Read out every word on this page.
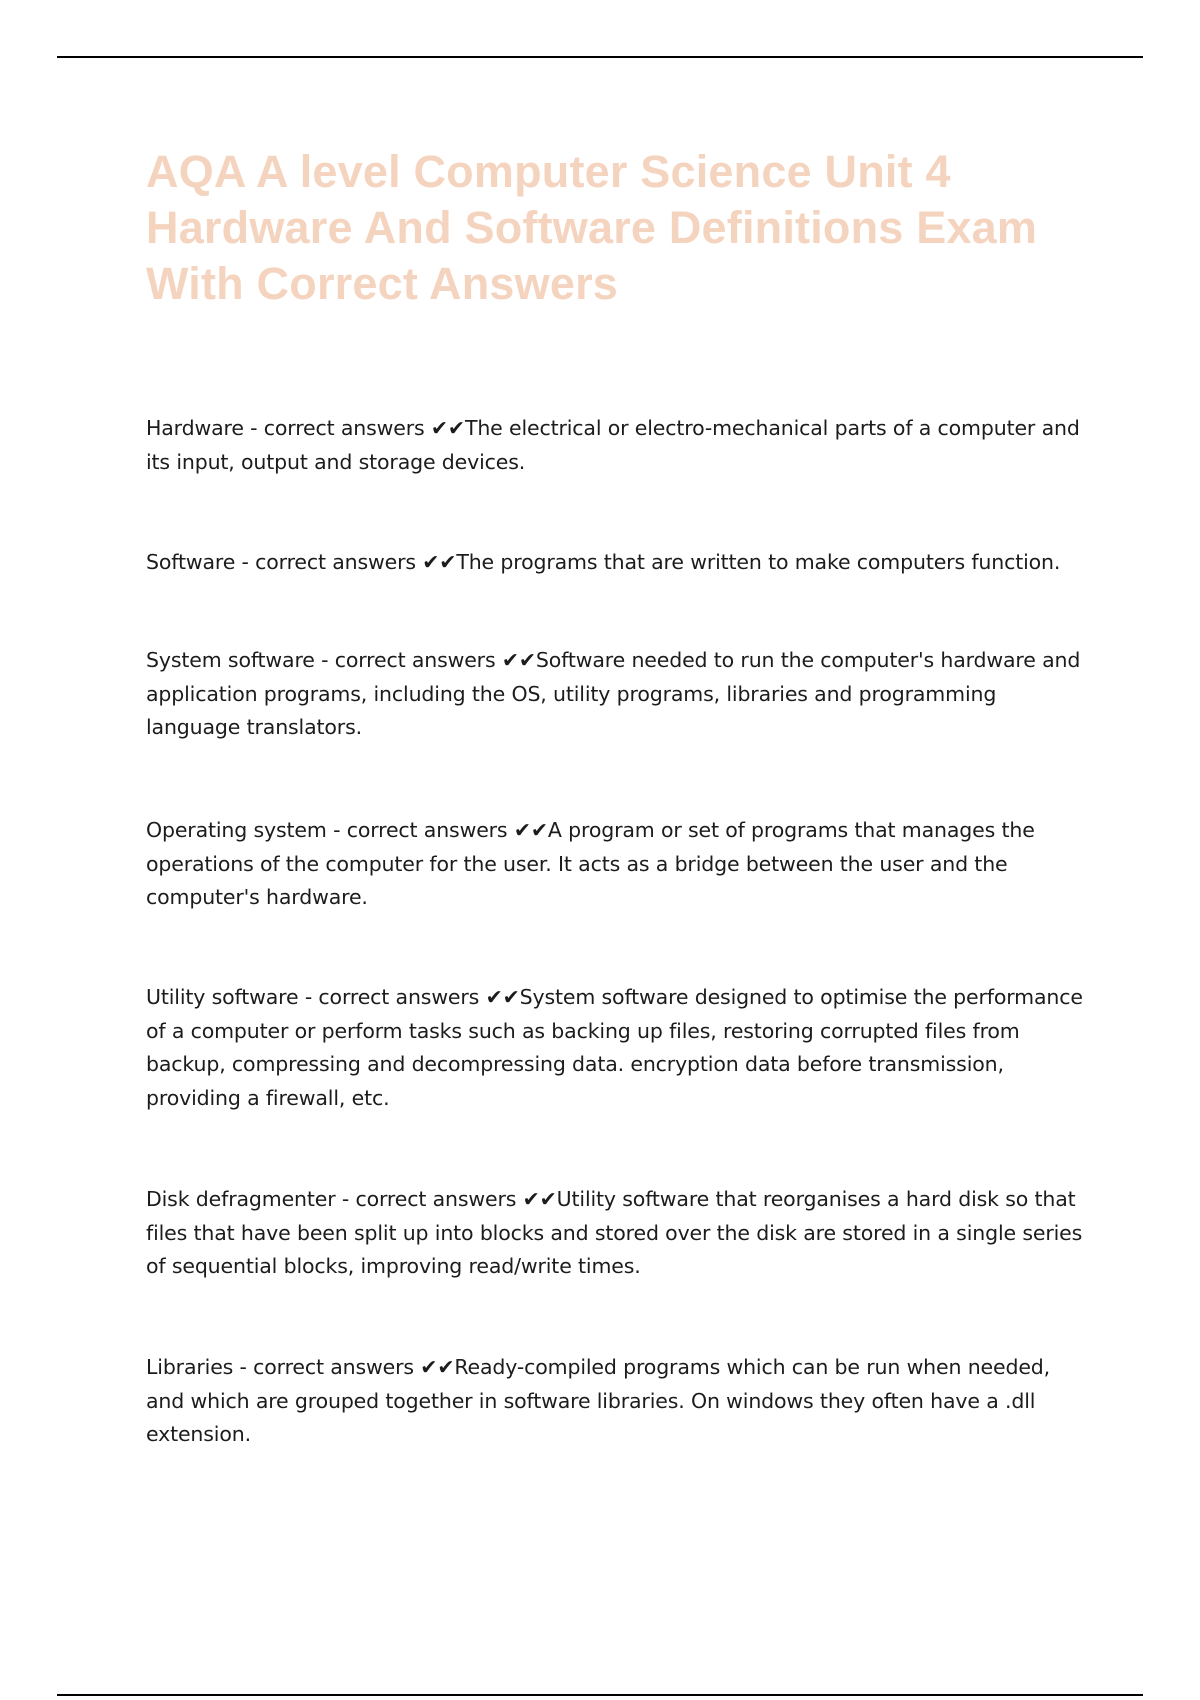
AQA A level Computer Science Unit 4 Hardware And Software Definitions Exam With Correct Answers

Hardware - correct answers ✔✔The electrical or electro-mechanical parts of a computer and its input, output and storage devices.

Software - correct answers ✔✔The programs that are written to make computers function.

System software - correct answers ✔✔Software needed to run the computer's hardware and application programs, including the OS, utility programs, libraries and programming language translators.

Operating system - correct answers ✔✔A program or set of programs that manages the operations of the computer for the user. It acts as a bridge between the user and the computer's hardware.

Utility software - correct answers ✔✔System software designed to optimise the performance of a computer or perform tasks such as backing up files, restoring corrupted files from backup, compressing and decompressing data. encryption data before transmission, providing a firewall, etc.

Disk defragmenter - correct answers ✔✔Utility software that reorganises a hard disk so that files that have been split up into blocks and stored over the disk are stored in a single series of sequential blocks, improving read/write times.

Libraries - correct answers ✔✔Ready-compiled programs which can be run when needed, and which are grouped together in software libraries. On windows they often have a .dll extension.
